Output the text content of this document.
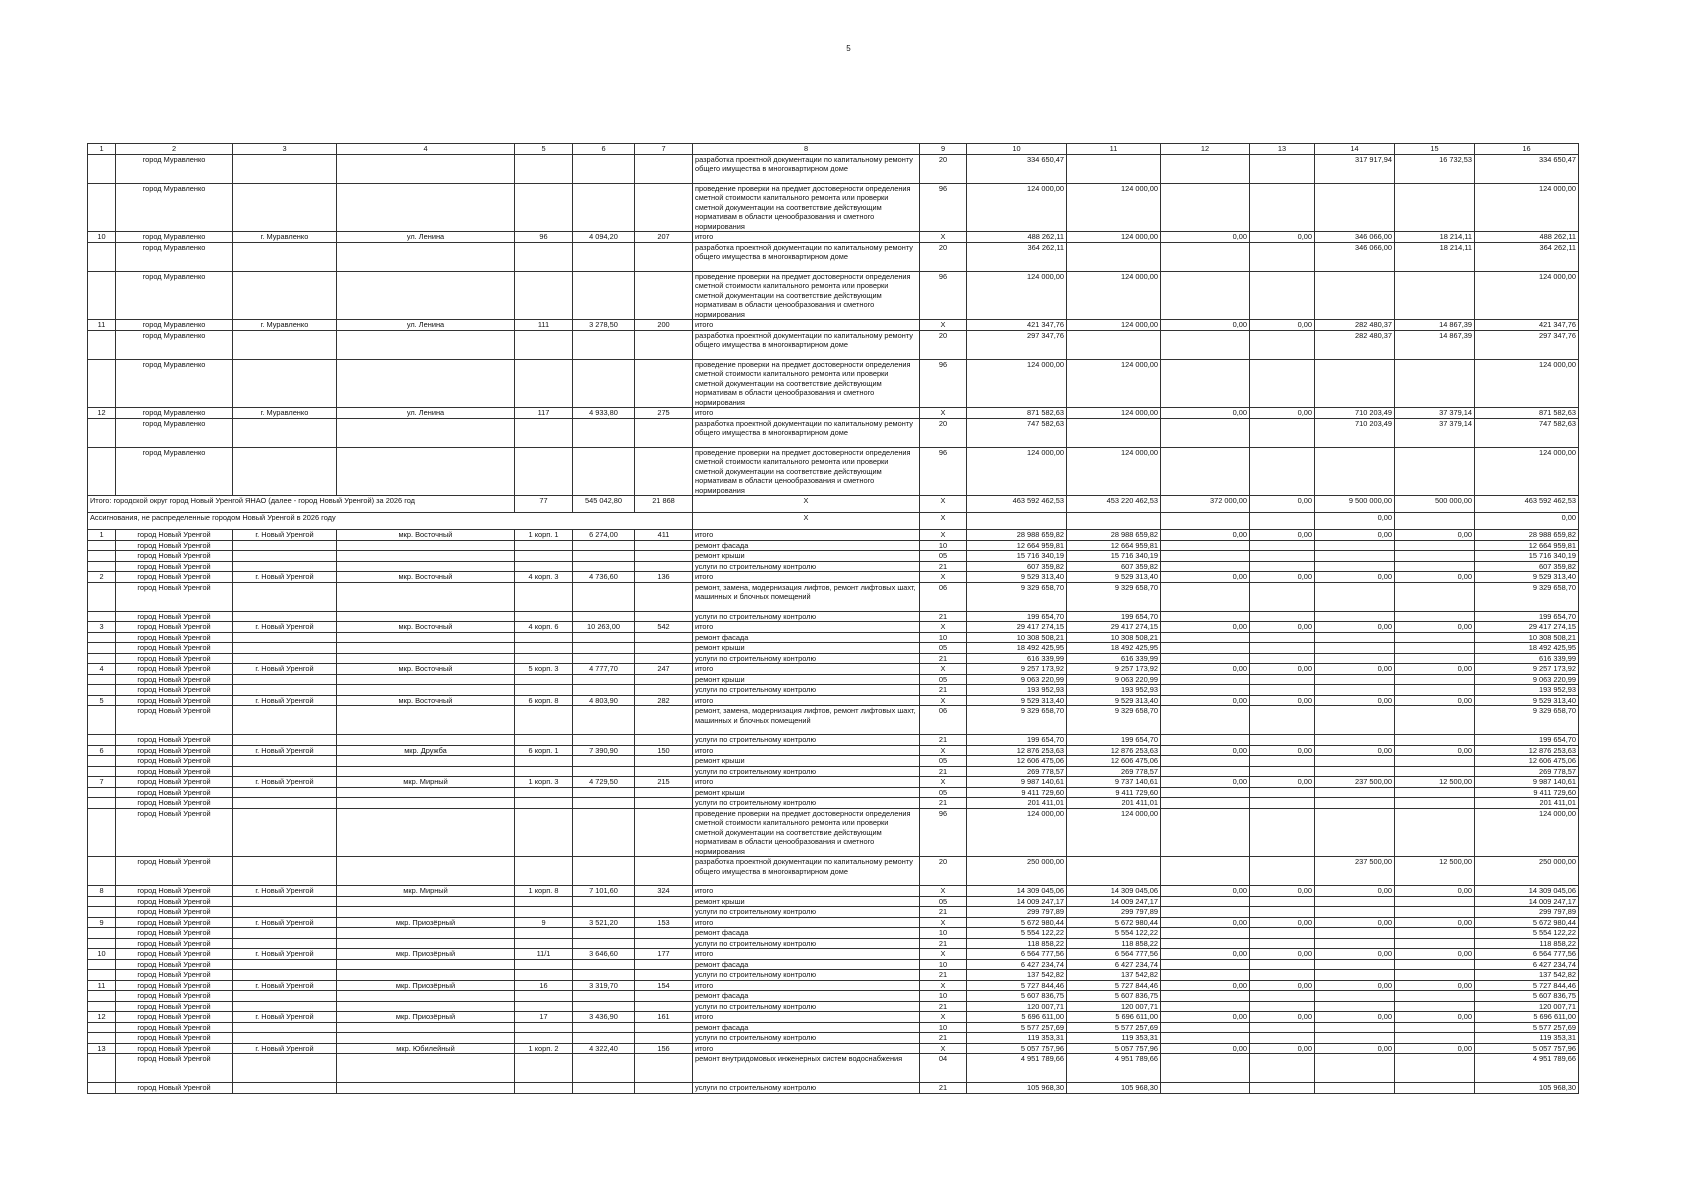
5
1	2	3	4	5	6	7	8	9	10	11	12	13	14	15	16
	город Муравленко						разработка проектной документации по капитальному ремонту общего имущества в многоквартирном доме	20	334 650,47				317 917,94	16 732,53	334 650,47
	город Муравленко						проведение проверки на предмет достоверности определения сметной стоимости капитального ремонта или проверки сметной документации на соответствие действующим нормативам в области ценообразования и сметного нормирования	96	124 000,00	124 000,00					124 000,00
10	город Муравленко	г. Муравленко	ул. Ленина	96	4 094,20	207	итого	X	488 262,11	124 000,00	0,00	0,00	346 066,00	18 214,11	488 262,11
	город Муравленко						разработка проектной документации по капитальному ремонту общего имущества в многоквартирном доме	20	364 262,11				346 066,00	18 214,11	364 262,11
	город Муравленко						проведение проверки на предмет достоверности определения сметной стоимости капитального ремонта или проверки сметной документации на соответствие действующим нормативам в области ценообразования и сметного нормирования	96	124 000,00	124 000,00					124 000,00
11	город Муравленко	г. Муравленко	ул. Ленина	111	3 278,50	200	итого	X	421 347,76	124 000,00	0,00	0,00	282 480,37	14 867,39	421 347,76
	город Муравленко						разработка проектной документации по капитальному ремонту общего имущества в многоквартирном доме	20	297 347,76				282 480,37	14 867,39	297 347,76
	город Муравленко						проведение проверки на предмет достоверности определения сметной стоимости капитального ремонта или проверки сметной документации на соответствие действующим нормативам в области ценообразования и сметного нормирования	96	124 000,00	124 000,00					124 000,00
12	город Муравленко	г. Муравленко	ул. Ленина	117	4 933,80	275	итого	X	871 582,63	124 000,00	0,00	0,00	710 203,49	37 379,14	871 582,63
	город Муравленко						разработка проектной документации по капитальному ремонту общего имущества в многоквартирном доме	20	747 582,63				710 203,49	37 379,14	747 582,63
	город Муравленко						проведение проверки на предмет достоверности определения сметной стоимости капитального ремонта или проверки сметной документации на соответствие действующим нормативам в области ценообразования и сметного нормирования	96	124 000,00	124 000,00					124 000,00
Итого: городской округ город Новый Уренгой ЯНАО (далее - город Новый Уренгой) за 2026 год				77	545 042,80	21 868	X	X	463 592 462,53	453 220 462,53	372 000,00	0,00	9 500 000,00	500 000,00	463 592 462,53
Ассигнования, не распределенные городом Новый Уренгой в 2026 году							X	X					0,00		0,00
1	город Новый Уренгой	г. Новый Уренгой	мкр. Восточный	1 корп. 1	6 274,00	411	итого	X	28 988 659,82	28 988 659,82	0,00	0,00	0,00	0,00	28 988 659,82
	город Новый Уренгой						ремонт фасада	10	12 664 959,81	12 664 959,81					12 664 959,81
	город Новый Уренгой						ремонт крыши	05	15 716 340,19	15 716 340,19					15 716 340,19
	город Новый Уренгой						услуги по строительному контролю	21	607 359,82	607 359,82					607 359,82
2	город Новый Уренгой	г. Новый Уренгой	мкр. Восточный	4 корп. 3	4 736,60	136	итого	X	9 529 313,40	9 529 313,40	0,00	0,00	0,00	0,00	9 529 313,40
	город Новый Уренгой						ремонт, замена, модернизация лифтов, ремонт лифтовых шахт, машинных и блочных помещений	06	9 329 658,70	9 329 658,70					9 329 658,70
	город Новый Уренгой						услуги по строительному контролю	21	199 654,70	199 654,70					199 654,70
3	город Новый Уренгой	г. Новый Уренгой	мкр. Восточный	4 корп. 6	10 263,00	542	итого	X	29 417 274,15	29 417 274,15	0,00	0,00	0,00	0,00	29 417 274,15
	город Новый Уренгой						ремонт фасада	10	10 308 508,21	10 308 508,21					10 308 508,21
	город Новый Уренгой						ремонт крыши	05	18 492 425,95	18 492 425,95					18 492 425,95
	город Новый Уренгой						услуги по строительному контролю	21	616 339,99	616 339,99					616 339,99
4	город Новый Уренгой	г. Новый Уренгой	мкр. Восточный	5 корп. 3	4 777,70	247	итого	X	9 257 173,92	9 257 173,92	0,00	0,00	0,00	0,00	9 257 173,92
	город Новый Уренгой						ремонт крыши	05	9 063 220,99	9 063 220,99					9 063 220,99
	город Новый Уренгой						услуги по строительному контролю	21	193 952,93	193 952,93					193 952,93
5	город Новый Уренгой	г. Новый Уренгой	мкр. Восточный	6 корп. 8	4 803,90	282	итого	X	9 529 313,40	9 529 313,40	0,00	0,00	0,00	0,00	9 529 313,40
	город Новый Уренгой						ремонт, замена, модернизация лифтов, ремонт лифтовых шахт, машинных и блочных помещений	06	9 329 658,70	9 329 658,70					9 329 658,70
	город Новый Уренгой						услуги по строительному контролю	21	199 654,70	199 654,70					199 654,70
6	город Новый Уренгой	г. Новый Уренгой	мкр. Дружба	6 корп. 1	7 390,90	150	итого	X	12 876 253,63	12 876 253,63	0,00	0,00	0,00	0,00	12 876 253,63
	город Новый Уренгой						ремонт крыши	05	12 606 475,06	12 606 475,06					12 606 475,06
	город Новый Уренгой						услуги по строительному контролю	21	269 778,57	269 778,57					269 778,57
7	город Новый Уренгой	г. Новый Уренгой	мкр. Мирный	1 корп. 3	4 729,50	215	итого	X	9 987 140,61	9 737 140,61	0,00	0,00	237 500,00	12 500,00	9 987 140,61
	город Новый Уренгой						ремонт крыши	05	9 411 729,60	9 411 729,60					9 411 729,60
	город Новый Уренгой						услуги по строительному контролю	21	201 411,01	201 411,01					201 411,01
	город Новый Уренгой						проведение проверки на предмет достоверности определения сметной стоимости капитального ремонта или проверки сметной документации на соответствие действующим нормативам в области ценообразования и сметного нормирования	96	124 000,00	124 000,00					124 000,00
	город Новый Уренгой						разработка проектной документации по капитальному ремонту общего имущества в многоквартирном доме	20	250 000,00				237 500,00	12 500,00	250 000,00
8	город Новый Уренгой	г. Новый Уренгой	мкр. Мирный	1 корп. 8	7 101,60	324	итого	X	14 309 045,06	14 309 045,06	0,00	0,00	0,00	0,00	14 309 045,06
	город Новый Уренгой						ремонт крыши	05	14 009 247,17	14 009 247,17					14 009 247,17
	город Новый Уренгой						услуги по строительному контролю	21	299 797,89	299 797,89					299 797,89
9	город Новый Уренгой	г. Новый Уренгой	мкр. Приозёрный	9	3 521,20	153	итого	X	5 672 980,44	5 672 980,44	0,00	0,00	0,00	0,00	5 672 980,44
	город Новый Уренгой						ремонт фасада	10	5 554 122,22	5 554 122,22					5 554 122,22
	город Новый Уренгой						услуги по строительному контролю	21	118 858,22	118 858,22					118 858,22
10	город Новый Уренгой	г. Новый Уренгой	мкр. Приозёрный	11/1	3 646,60	177	итого	X	6 564 777,56	6 564 777,56	0,00	0,00	0,00	0,00	6 564 777,56
	город Новый Уренгой						ремонт фасада	10	6 427 234,74	6 427 234,74					6 427 234,74
	город Новый Уренгой						услуги по строительному контролю	21	137 542,82	137 542,82					137 542,82
11	город Новый Уренгой	г. Новый Уренгой	мкр. Приозёрный	16	3 319,70	154	итого	X	5 727 844,46	5 727 844,46	0,00	0,00	0,00	0,00	5 727 844,46
	город Новый Уренгой						ремонт фасада	10	5 607 836,75	5 607 836,75					5 607 836,75
	город Новый Уренгой						услуги по строительному контролю	21	120 007,71	120 007,71					120 007,71
12	город Новый Уренгой	г. Новый Уренгой	мкр. Приозёрный	17	3 436,90	161	итого	X	5 696 611,00	5 696 611,00	0,00	0,00	0,00	0,00	5 696 611,00
	город Новый Уренгой						ремонт фасада	10	5 577 257,69	5 577 257,69					5 577 257,69
	город Новый Уренгой						услуги по строительному контролю	21	119 353,31	119 353,31					119 353,31
13	город Новый Уренгой	г. Новый Уренгой	мкр. Юбилейный	1 корп. 2	4 322,40	156	итого	X	5 057 757,96	5 057 757,96	0,00	0,00	0,00	0,00	5 057 757,96
	город Новый Уренгой						ремонт внутридомовых инженерных систем водоснабжения	04	4 951 789,66	4 951 789,66					4 951 789,66
	город Новый Уренгой						услуги по строительному контролю	21	105 968,30	105 968,30					105 968,30
